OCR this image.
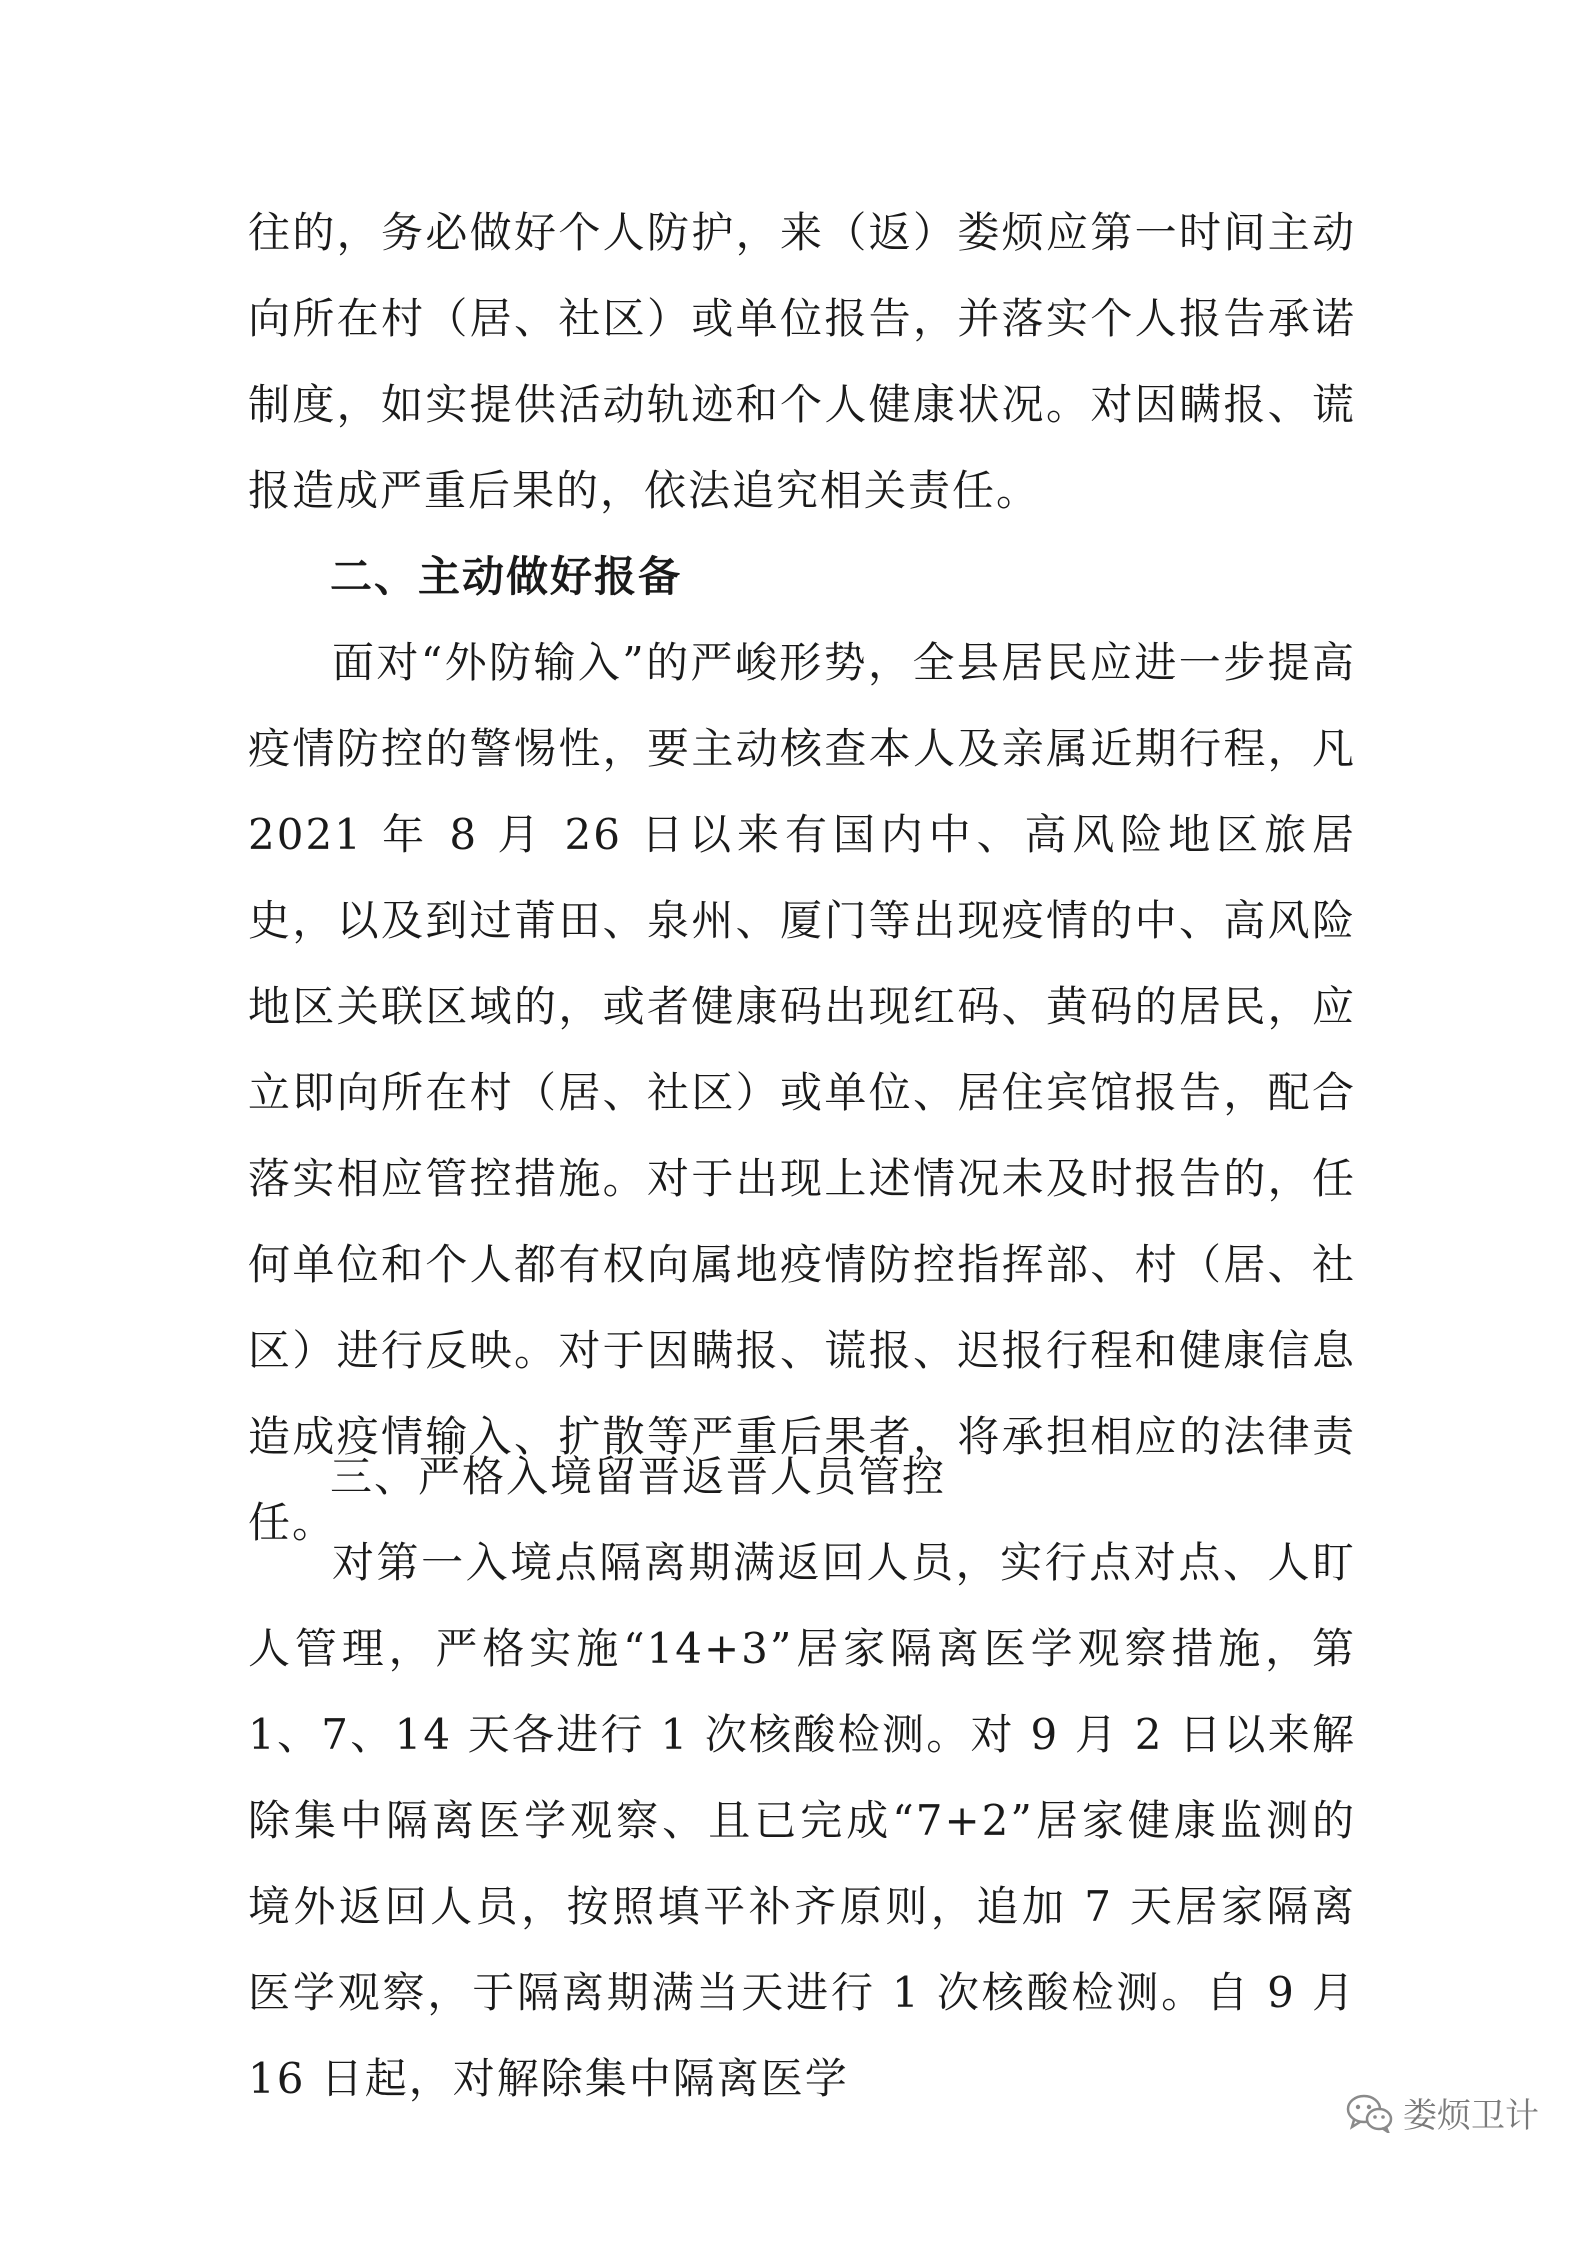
往的，务必做好个人防护，来（返）娄烦应第一时间主动向所在村（居、社区）或单位报告，并落实个人报告承诺制度，如实提供活动轨迹和个人健康状况。对因瞒报、谎报造成严重后果的，依法追究相关责任。

二、主动做好报备

面对“外防输入”的严峻形势，全县居民应进一步提高疫情防控的警惕性，要主动核查本人及亲属近期行程，凡2021 年 8 月 26 日以来有国内中、高风险地区旅居史，以及到过莆田、泉州、厦门等出现疫情的中、高风险地区关联区域的，或者健康码出现红码、黄码的居民，应立即向所在村（居、社区）或单位、居住宾馆报告，配合落实相应管控措施。对于出现上述情况未及时报告的，任何单位和个人都有权向属地疫情防控指挥部、村（居、社区）进行反映。对于因瞒报、谎报、迟报行程和健康信息造成疫情输入、扩散等严重后果者，将承担相应的法律责任。

三、严格入境留晋返晋人员管控

对第一入境点隔离期满返回人员，实行点对点、人盯人管理，严格实施“14+3”居家隔离医学观察措施，第 1、7、14 天各进行 1 次核酸检测。对 9 月 2 日以来解除集中隔离医学观察、且已完成“7+2”居家健康监测的境外返回人员，按照填平补齐原则，追加 7 天居家隔离医学观察，于隔离期满当天进行 1 次核酸检测。自 9 月 16 日起，对解除集中隔离医学

娄烦卫计
